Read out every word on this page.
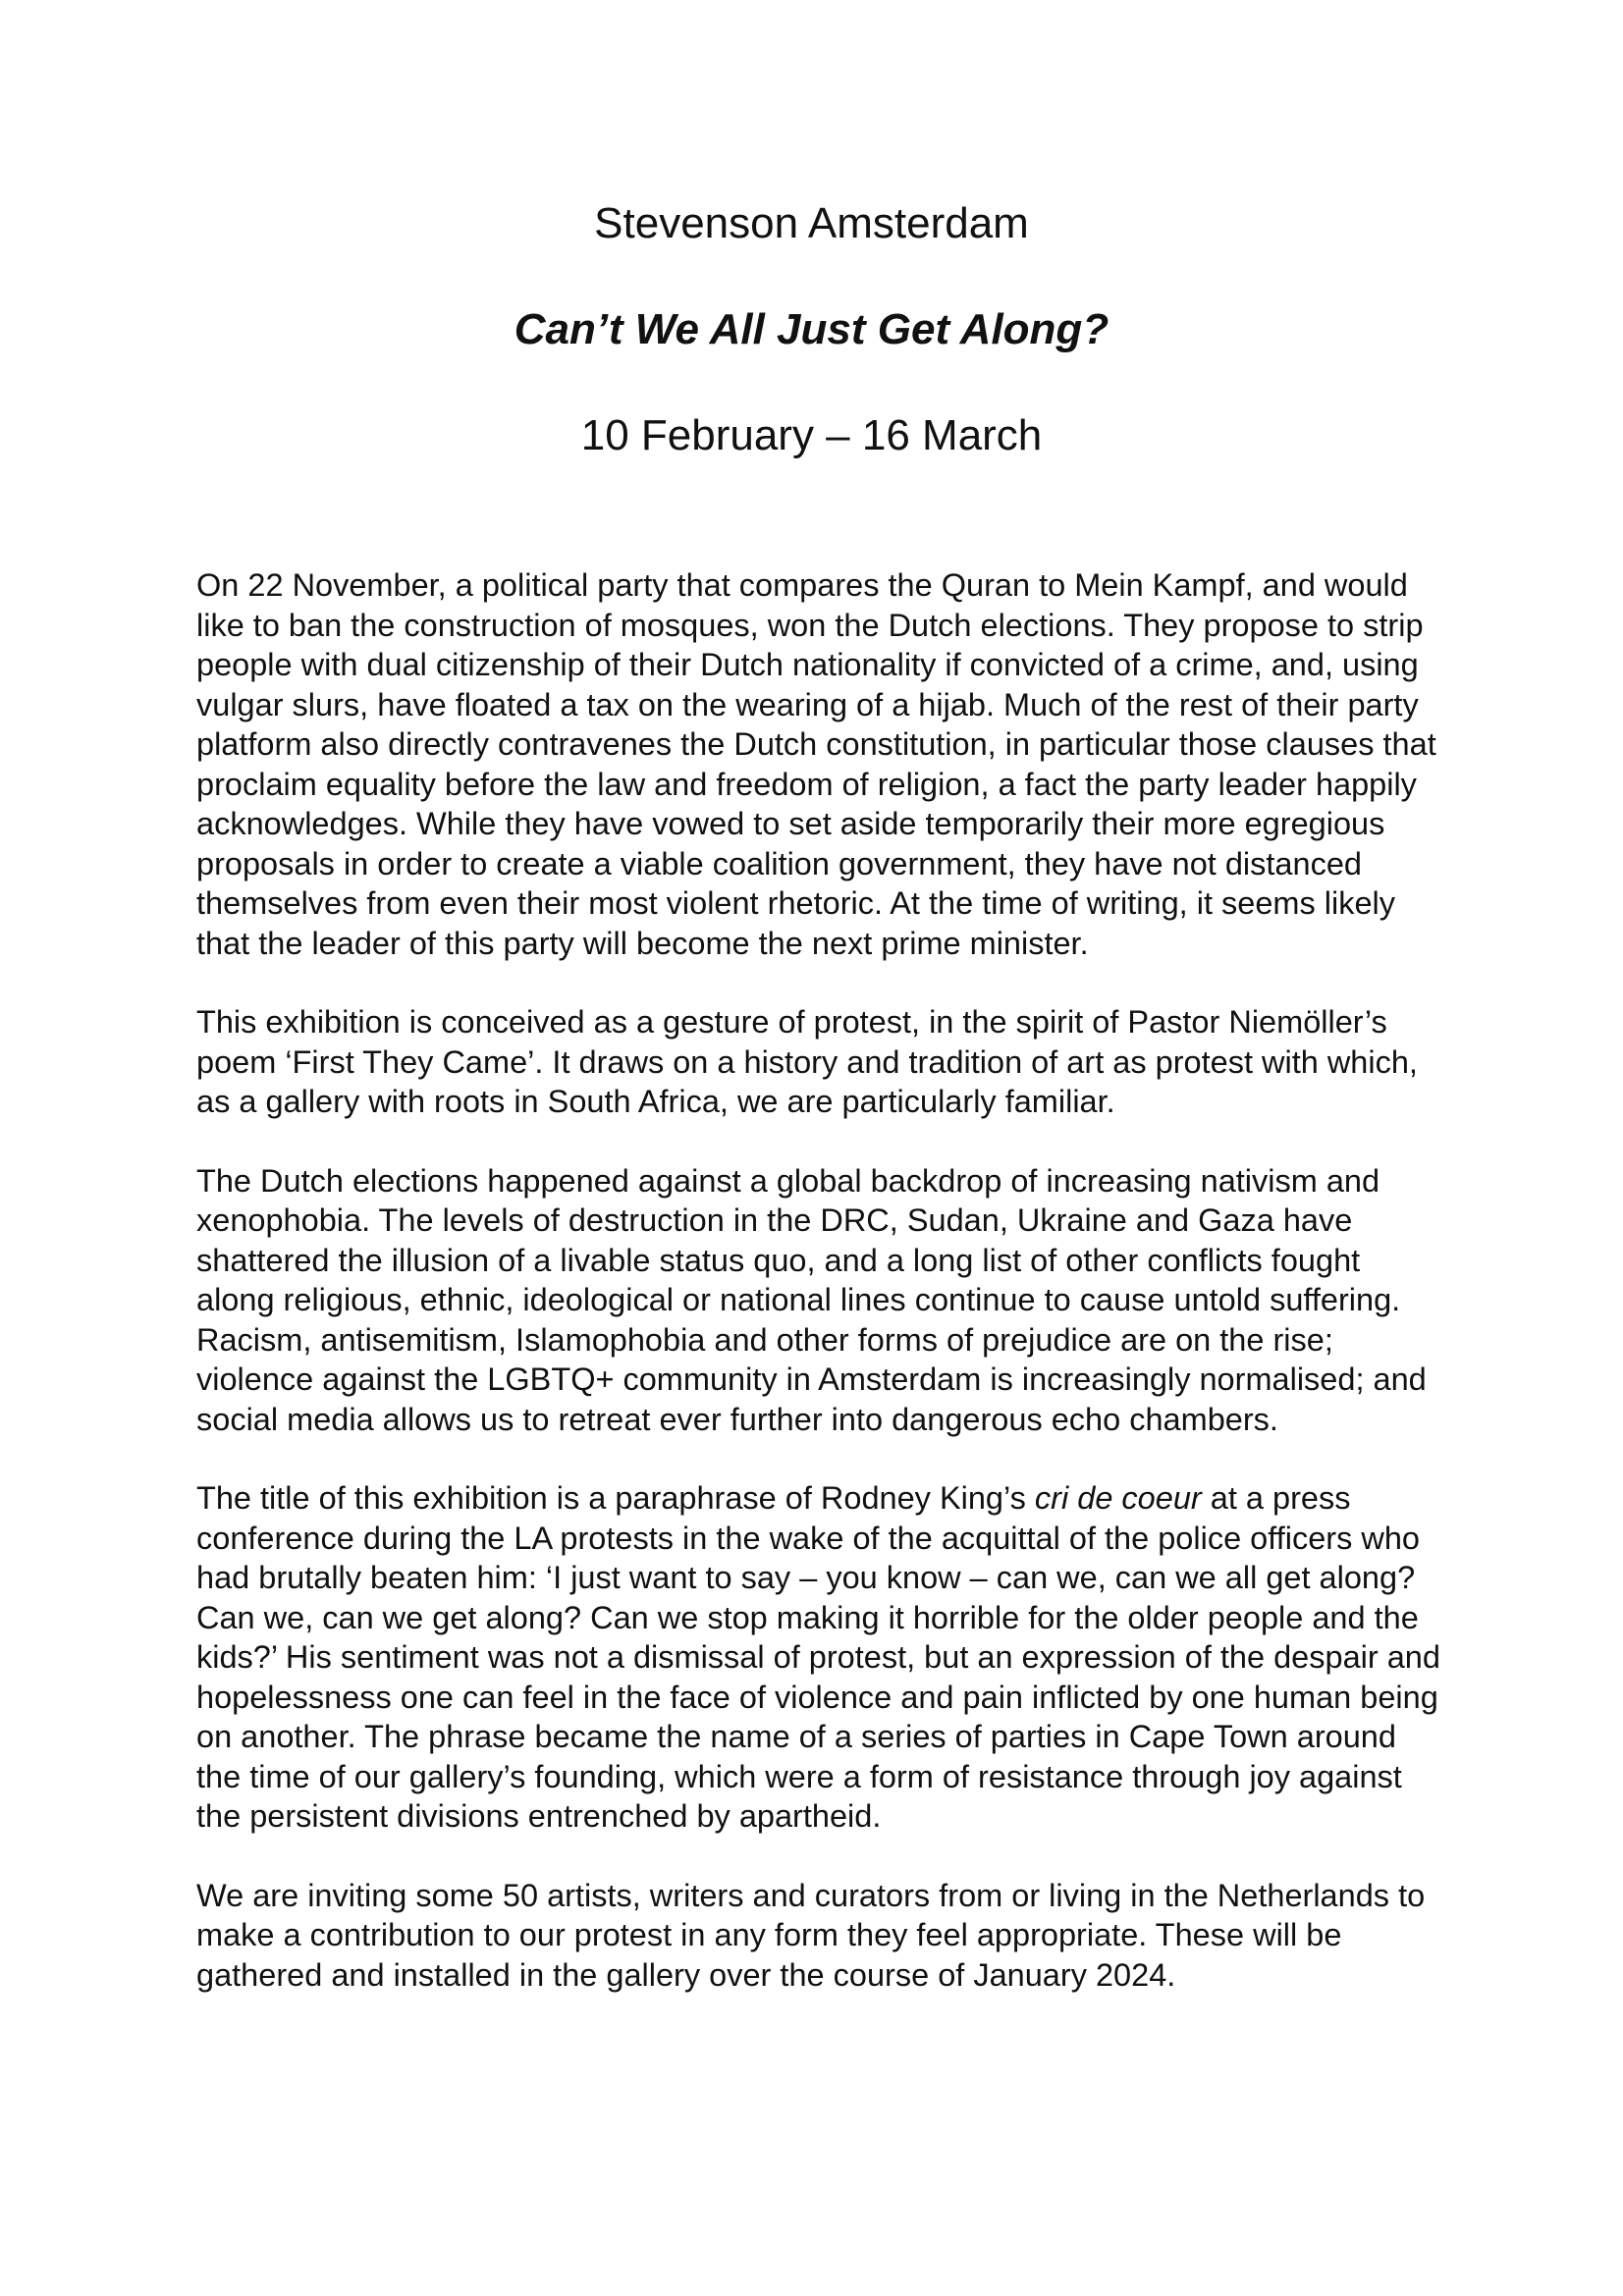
Stevenson Amsterdam
Can’t We All Just Get Along?
10 February – 16 March

On 22 November, a political party that compares the Quran to Mein Kampf, and would like to ban the construction of mosques, won the Dutch elections. They propose to strip people with dual citizenship of their Dutch nationality if convicted of a crime, and, using vulgar slurs, have floated a tax on the wearing of a hijab. Much of the rest of their party platform also directly contravenes the Dutch constitution, in particular those clauses that proclaim equality before the law and freedom of religion, a fact the party leader happily acknowledges. While they have vowed to set aside temporarily their more egregious proposals in order to create a viable coalition government, they have not distanced themselves from even their most violent rhetoric. At the time of writing, it seems likely that the leader of this party will become the next prime minister.

This exhibition is conceived as a gesture of protest, in the spirit of Pastor Niemöller’s poem ‘First They Came’. It draws on a history and tradition of art as protest with which, as a gallery with roots in South Africa, we are particularly familiar.

The Dutch elections happened against a global backdrop of increasing nativism and xenophobia. The levels of destruction in the DRC, Sudan, Ukraine and Gaza have shattered the illusion of a livable status quo, and a long list of other conflicts fought along religious, ethnic, ideological or national lines continue to cause untold suffering. Racism, antisemitism, Islamophobia and other forms of prejudice are on the rise; violence against the LGBTQ+ community in Amsterdam is increasingly normalised; and social media allows us to retreat ever further into dangerous echo chambers.

The title of this exhibition is a paraphrase of Rodney King’s cri de coeur at a press conference during the LA protests in the wake of the acquittal of the police officers who had brutally beaten him: ‘I just want to say – you know – can we, can we all get along? Can we, can we get along? Can we stop making it horrible for the older people and the kids?’ His sentiment was not a dismissal of protest, but an expression of the despair and hopelessness one can feel in the face of violence and pain inflicted by one human being on another. The phrase became the name of a series of parties in Cape Town around the time of our gallery’s founding, which were a form of resistance through joy against the persistent divisions entrenched by apartheid.

We are inviting some 50 artists, writers and curators from or living in the Netherlands to make a contribution to our protest in any form they feel appropriate. These will be gathered and installed in the gallery over the course of January 2024.
